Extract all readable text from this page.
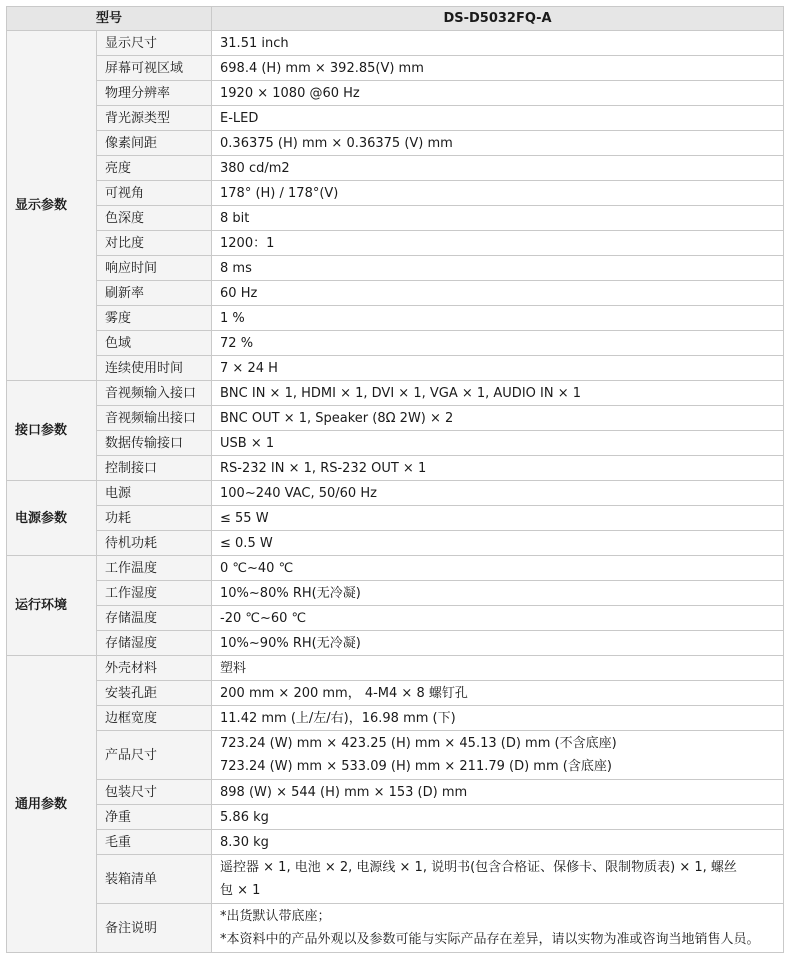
型号		DS-D5032FQ-A
显示参数	显示尺寸	31.51 inch
	屏幕可视区域	698.4 (H) mm × 392.85(V) mm
	物理分辨率	1920 × 1080 @60 Hz
	背光源类型	E-LED
	像素间距	0.36375 (H) mm × 0.36375 (V) mm
	亮度	380 cd/m2
	可视角	178° (H) / 178°(V)
	色深度	8 bit
	对比度	1200：1
	响应时间	8 ms
	刷新率	60 Hz
	雾度	1 %
	色域	72 %
	连续使用时间	7 × 24 H
接口参数	音视频输入接口	BNC IN × 1, HDMI × 1, DVI × 1, VGA × 1, AUDIO IN × 1
	音视频输出接口	BNC OUT × 1, Speaker (8Ω 2W) × 2
	数据传输接口	USB × 1
	控制接口	RS-232 IN × 1, RS-232 OUT × 1
电源参数	电源	100~240 VAC, 50/60 Hz
	功耗	≤ 55 W
	待机功耗	≤ 0.5 W
运行环境	工作温度	0 ℃~40 ℃
	工作湿度	10%~80% RH(无冷凝)
	存储温度	-20 ℃~60 ℃
	存储湿度	10%~90% RH(无冷凝)
通用参数	外壳材料	塑料
	安装孔距	200 mm × 200 mm， 4-M4 × 8 螺钉孔
	边框宽度	11.42 mm (上/左/右)，16.98 mm (下)
	产品尺寸	723.24 (W) mm × 423.25 (H) mm × 45.13 (D) mm (不含底座)
723.24 (W) mm × 533.09 (H) mm × 211.79 (D) mm (含底座)

	包装尺寸	898 (W) × 544 (H) mm × 153 (D) mm
	净重	5.86 kg
	毛重	8.30 kg
	装箱清单	遥控器 × 1, 电池 × 2, 电源线 × 1, 说明书(包含合格证、保修卡、限制物质表) × 1, 螺丝
包 × 1

	备注说明	*出货默认带底座；
*本资料中的产品外观以及参数可能与实际产品存在差异，请以实物为准或咨询当地销售人员。
